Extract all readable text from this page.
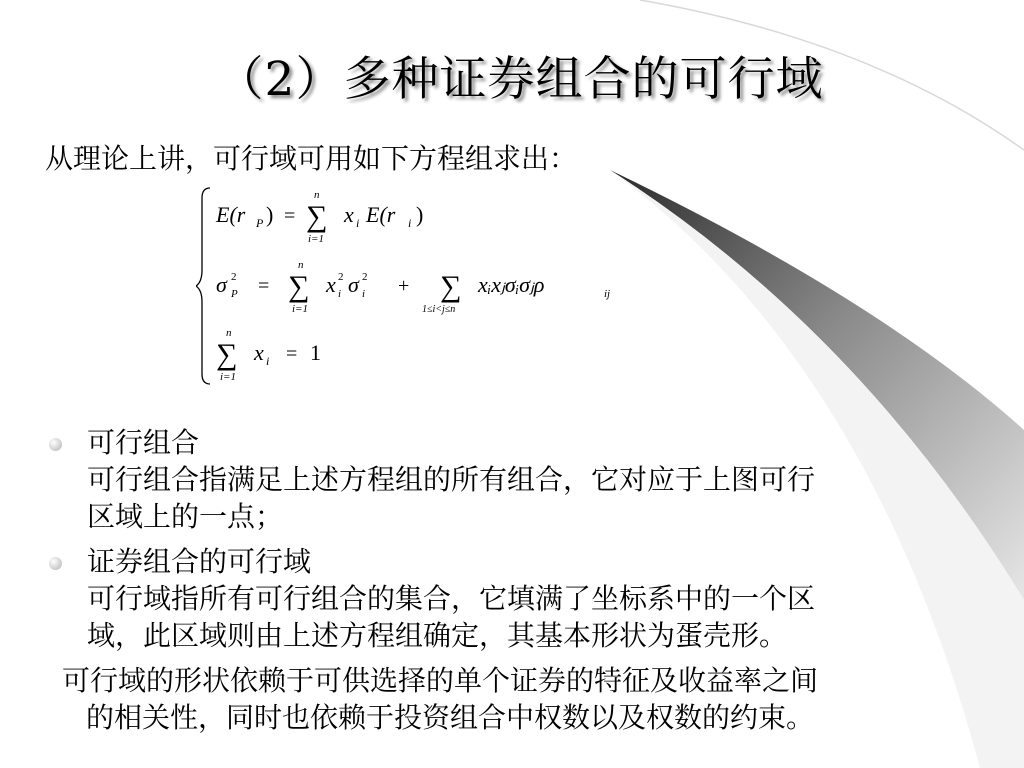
（2）多种证券组合的可行域
从理论上讲，可行域可用如下方程组求出：
E(r P ) =
n
∑
i=1
x i E(r i )
σ 2
P =
n
∑
i=1
x 2
i σ 2
i + ∑
1≤i<j≤n
xᵢxⱼσᵢσⱼρ	ij
n
∑
i=1
x i = 1
可行组合
可行组合指满足上述方程组的所有组合，它对应于上图可行
区域上的一点；
证券组合的可行域
可行域指所有可行组合的集合，它填满了坐标系中的一个区
域，此区域则由上述方程组确定，其基本形状为蛋壳形。
可行域的形状依赖于可供选择的单个证券的特征及收益率之间
的相关性，同时也依赖于投资组合中权数以及权数的约束。
